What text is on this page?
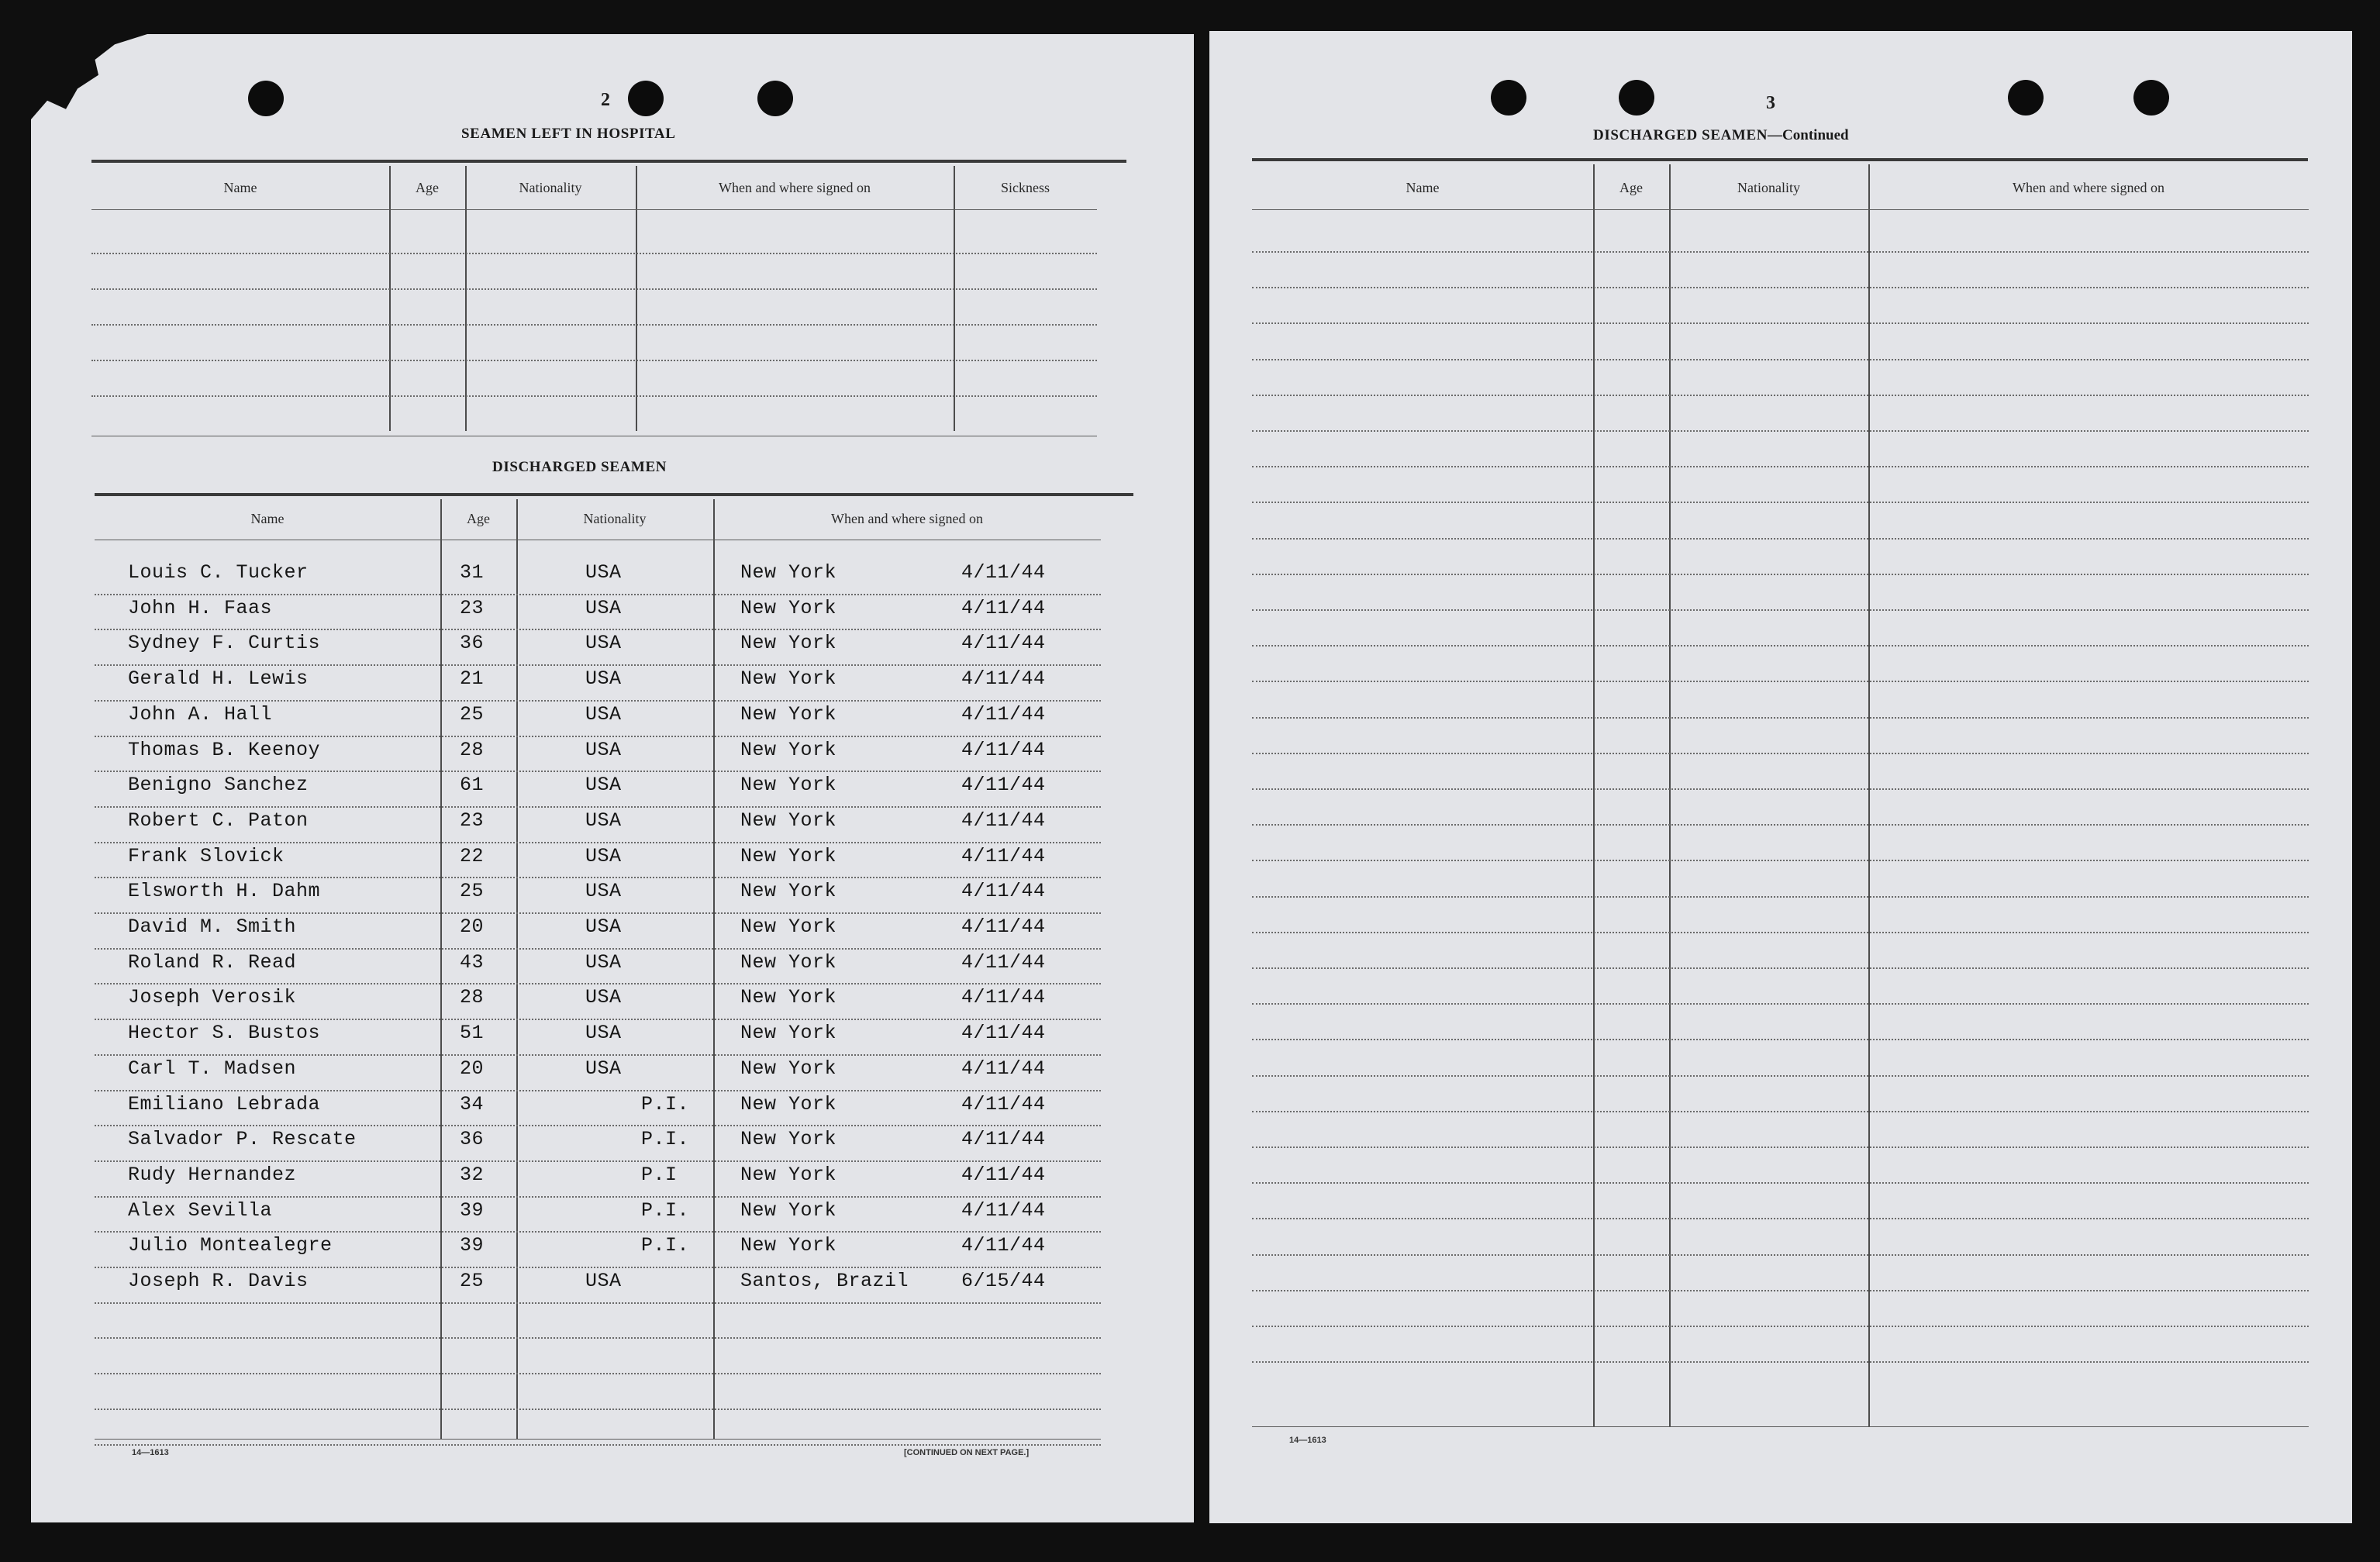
2
SEAMEN LEFT IN HOSPITAL
Name	Age	Nationality	When and where signed on	Sickness
DISCHARGED SEAMEN
Name	Age	Nationality	When and where signed on
Louis C. Tucker	31	USA	New York	4/11/44
John H. Faas	23	USA	New York	4/11/44
Sydney F. Curtis	36	USA	New York	4/11/44
Gerald H. Lewis	21	USA	New York	4/11/44
John A. Hall	25	USA	New York	4/11/44
Thomas B. Keenoy	28	USA	New York	4/11/44
Benigno Sanchez	61	USA	New York	4/11/44
Robert C. Paton	23	USA	New York	4/11/44
Frank Slovick	22	USA	New York	4/11/44
Elsworth H. Dahm	25	USA	New York	4/11/44
David M. Smith	20	USA	New York	4/11/44
Roland R. Read	43	USA	New York	4/11/44
Joseph Verosik	28	USA	New York	4/11/44
Hector S. Bustos	51	USA	New York	4/11/44
Carl T. Madsen	20	USA	New York	4/11/44
Emiliano Lebrada	34	P.I.	New York	4/11/44
Salvador P. Rescate	36	P.I.	New York	4/11/44
Rudy Hernandez	32	P.I	New York	4/11/44
Alex Sevilla	39	P.I.	New York	4/11/44
Julio Montealegre	39	P.I.	New York	4/11/44
Joseph R. Davis	25	USA	Santos, Brazil	6/15/44
14—1613	[CONTINUED ON NEXT PAGE.]
3
DISCHARGED SEAMEN—Continued
Name	Age	Nationality	When and where signed on
14—1613
